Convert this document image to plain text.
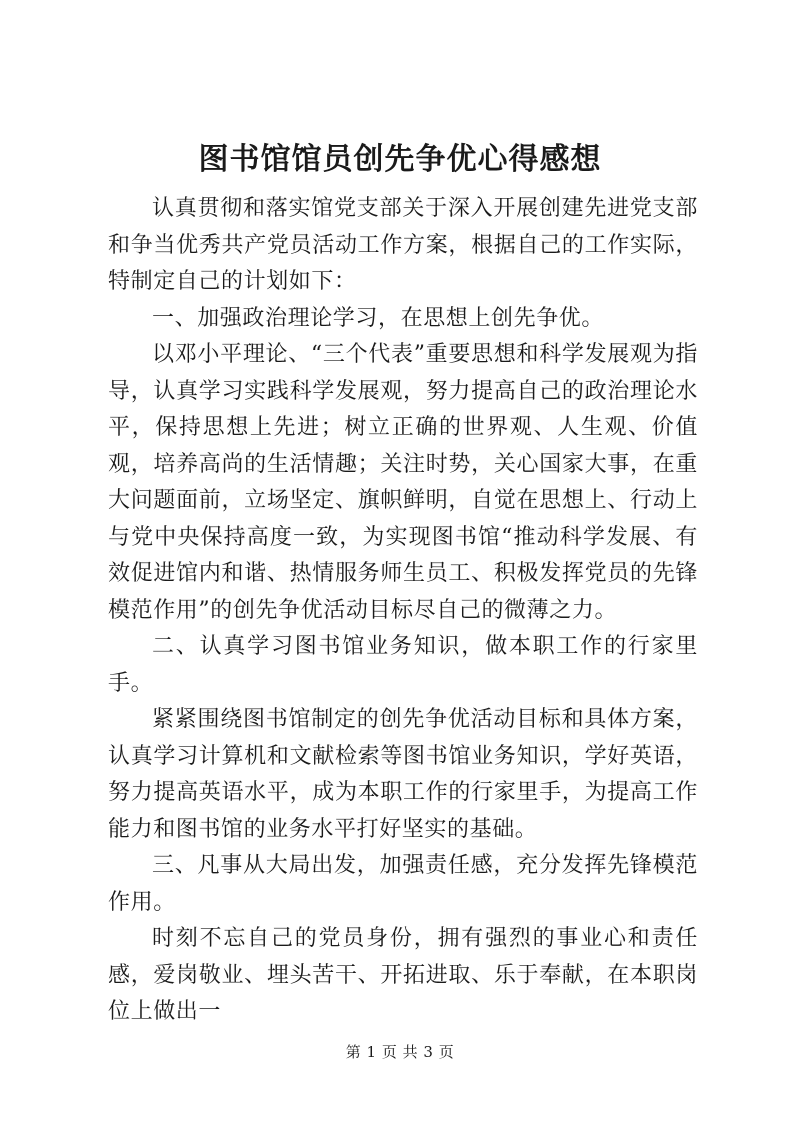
图书馆馆员创先争优心得感想

认真贯彻和落实馆党支部关于深入开展创建先进党支部和争当优秀共产党员活动工作方案，根据自己的工作实际，特制定自己的计划如下：

一、加强政治理论学习，在思想上创先争优。

以邓小平理论、“三个代表”重要思想和科学发展观为指导，认真学习实践科学发展观，努力提高自己的政治理论水平，保持思想上先进；树立正确的世界观、人生观、价值观，培养高尚的生活情趣；关注时势，关心国家大事，在重大问题面前，立场坚定、旗帜鲜明，自觉在思想上、行动上与党中央保持高度一致，为实现图书馆“推动科学发展、有效促进馆内和谐、热情服务师生员工、积极发挥党员的先锋模范作用”的创先争优活动目标尽自己的微薄之力。

二、认真学习图书馆业务知识，做本职工作的行家里手。

紧紧围绕图书馆制定的创先争优活动目标和具体方案，认真学习计算机和文献检索等图书馆业务知识，学好英语，努力提高英语水平，成为本职工作的行家里手，为提高工作能力和图书馆的业务水平打好坚实的基础。

三、凡事从大局出发，加强责任感，充分发挥先锋模范作用。

时刻不忘自己的党员身份，拥有强烈的事业心和责任感，爱岗敬业、埋头苦干、开拓进取、乐于奉献，在本职岗位上做出一

第 1 页 共 3 页
